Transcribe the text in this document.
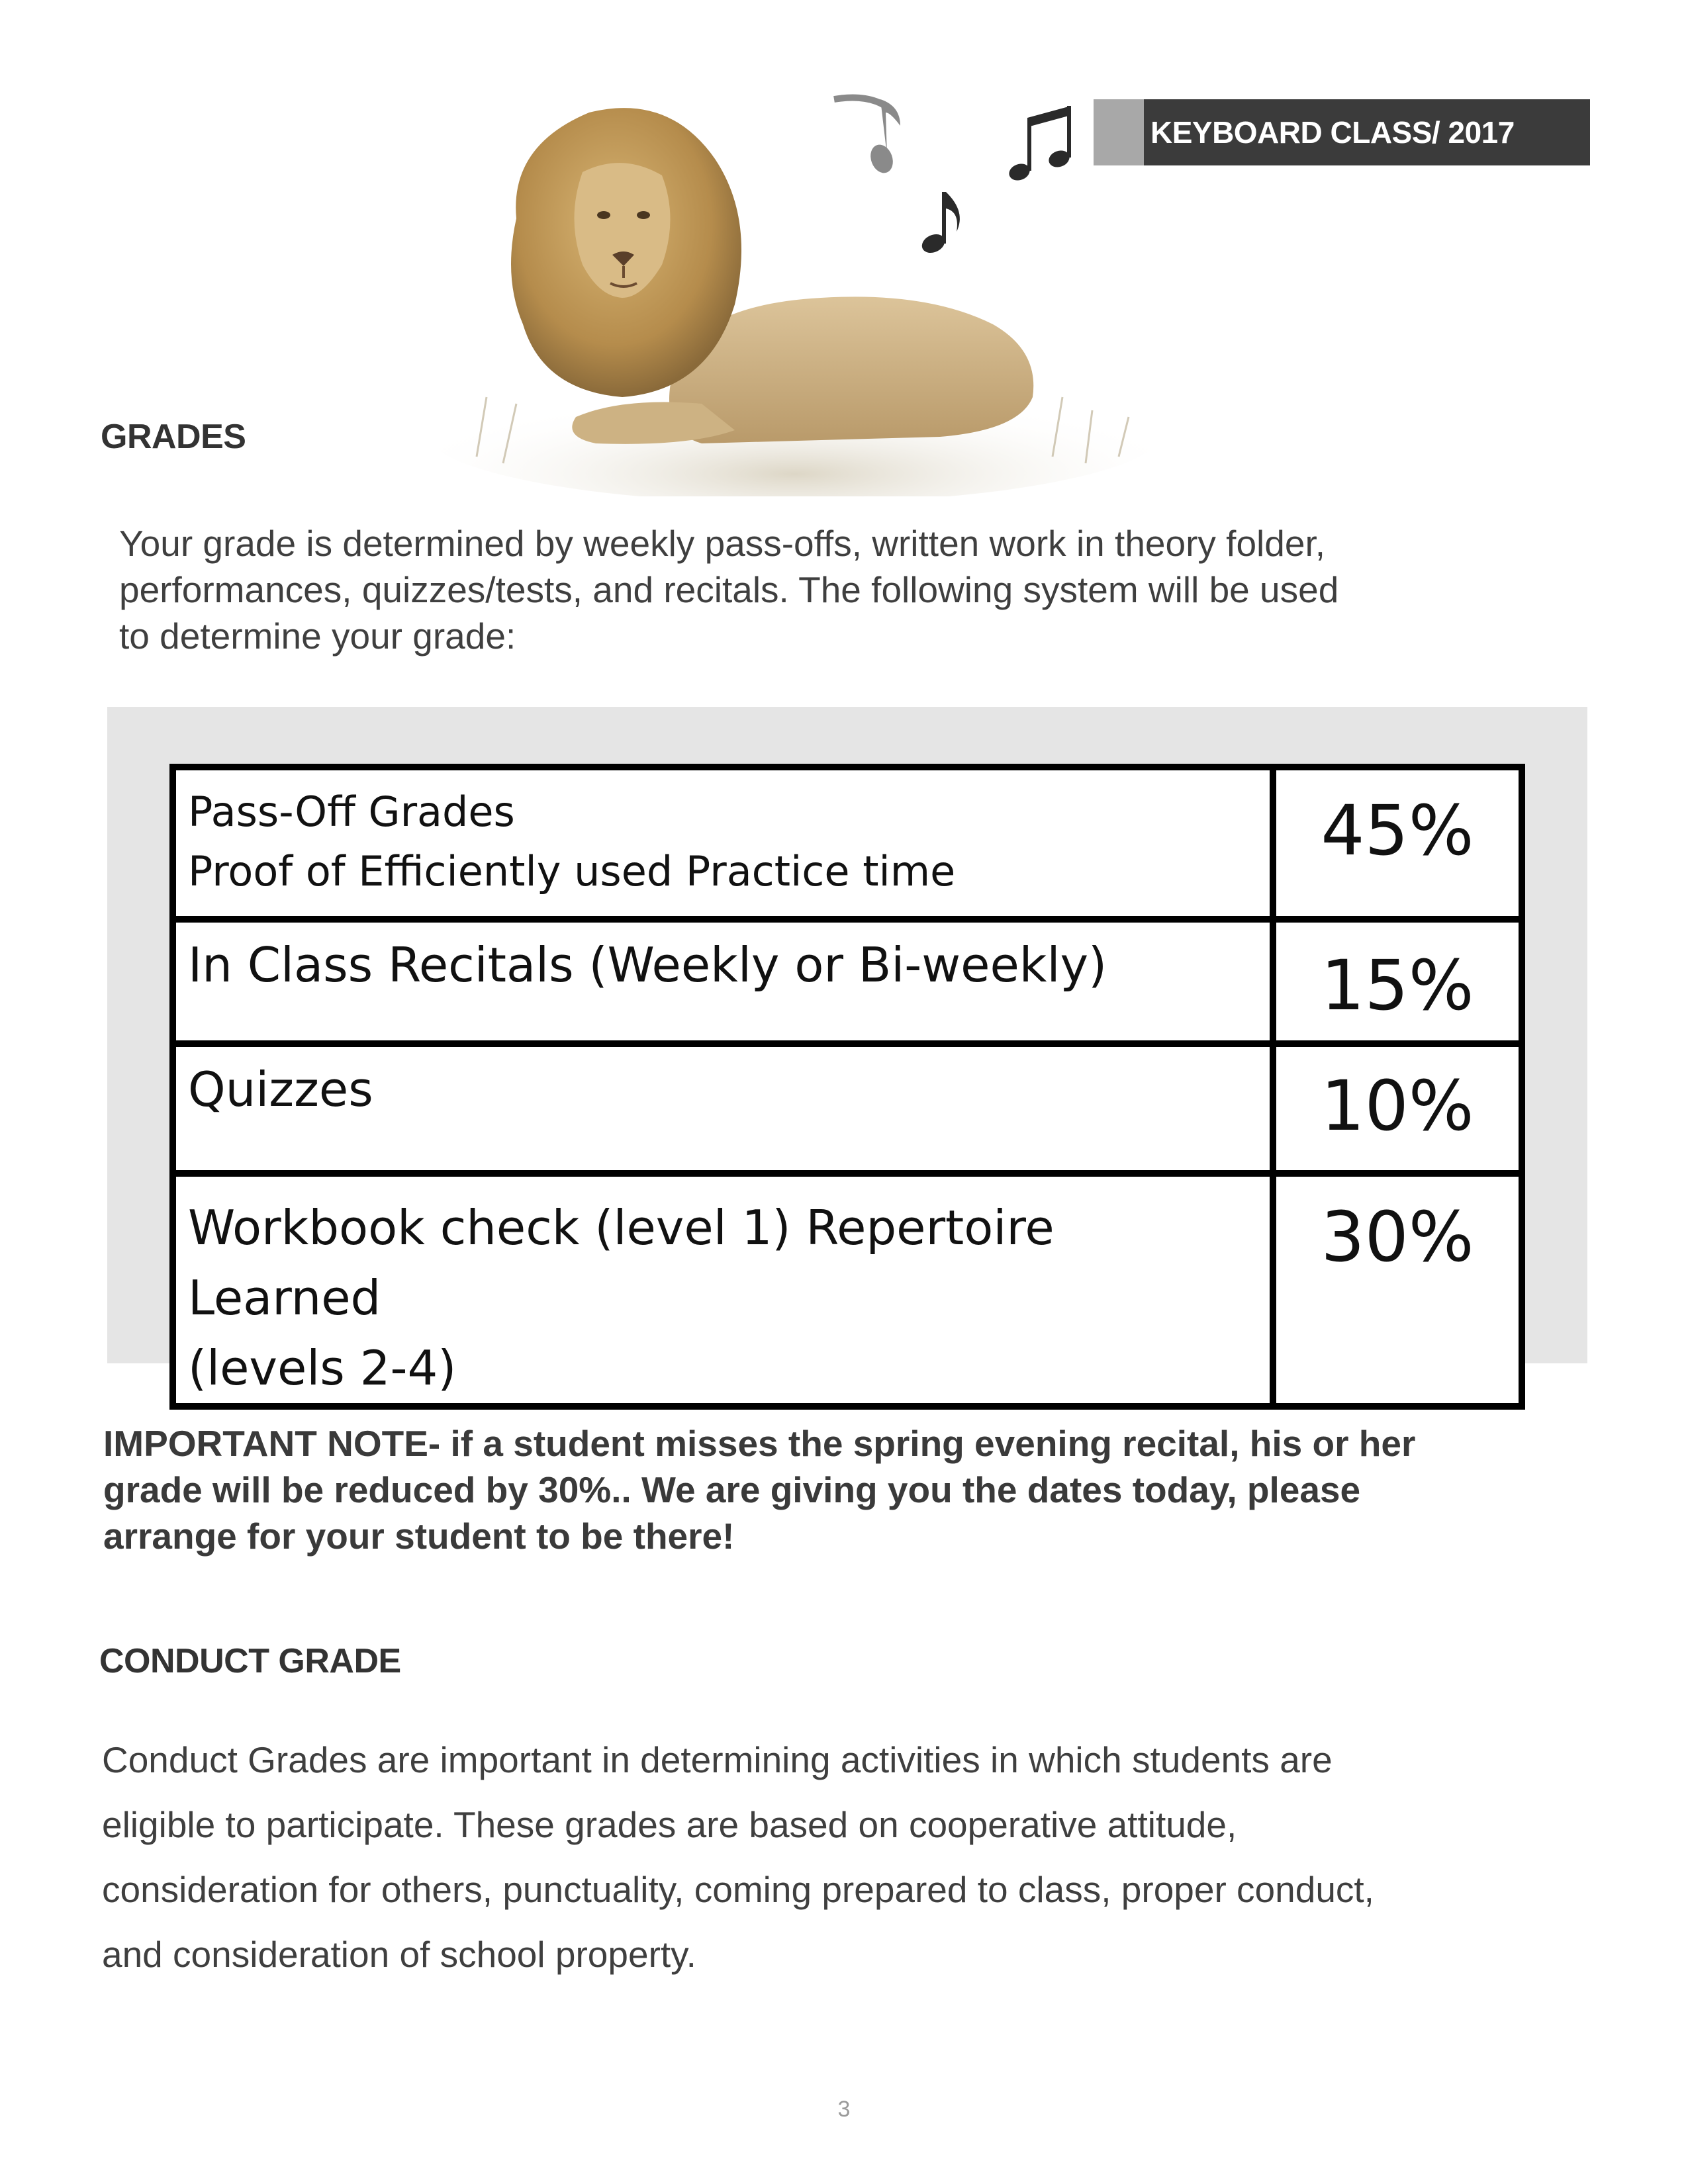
KEYBOARD CLASS/ 2017
GRADES
Your grade is determined by weekly pass-offs, written work in theory folder,
performances, quizzes/tests, and recitals. The following system will be used
to determine your grade:
Pass-Off Grades
Proof of Efficiently used Practice time	45%

In Class Recitals (Weekly or Bi-weekly)	15%

Quizzes	10%

Workbook check (level 1) Repertoire Learned
(levels 2-4)	30%
IMPORTANT NOTE- if a student misses the spring evening recital, his or her
grade will be reduced by 30%.. We are giving you the dates today, please
arrange for your student to be there!
CONDUCT GRADE
Conduct Grades are important in determining activities in which students are
eligible to participate. These grades are based on cooperative attitude,
consideration for others, punctuality, coming prepared to class, proper conduct,
and consideration of school property.
3
